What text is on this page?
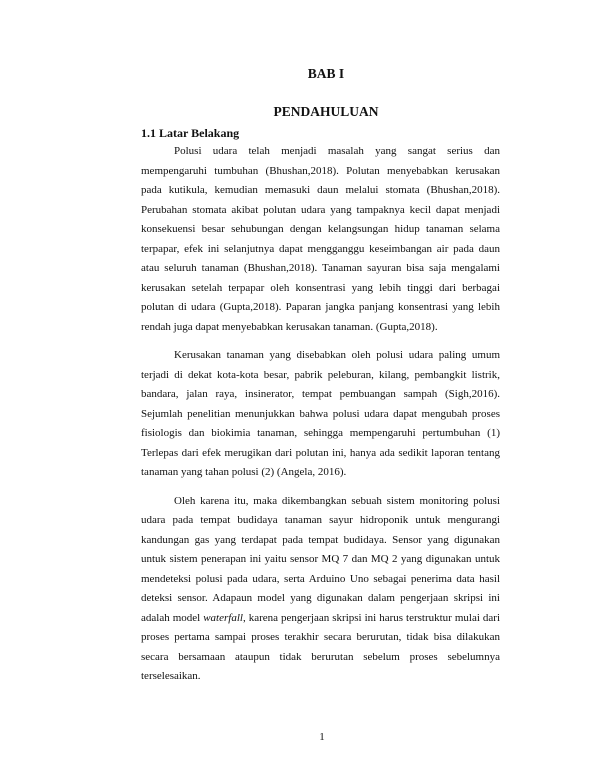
BAB I
PENDAHULUAN
1.1 Latar Belakang

Polusi udara telah menjadi masalah yang sangat serius dan mempengaruhi tumbuhan (Bhushan,2018). Polutan menyebabkan kerusakan pada kutikula, kemudian memasuki daun melalui stomata (Bhushan,2018). Perubahan stomata akibat polutan udara yang tampaknya kecil dapat menjadi konsekuensi besar sehubungan dengan kelangsungan hidup tanaman selama terpapar, efek ini selanjutnya dapat mengganggu keseimbangan air pada daun atau seluruh tanaman (Bhushan,2018). Tanaman sayuran bisa saja mengalami kerusakan setelah terpapar oleh konsentrasi yang lebih tinggi dari berbagai polutan di udara (Gupta,2018). Paparan jangka panjang konsentrasi yang lebih rendah juga dapat menyebabkan kerusakan tanaman. (Gupta,2018).

Kerusakan tanaman yang disebabkan oleh polusi udara paling umum terjadi di dekat kota-kota besar, pabrik peleburan, kilang, pembangkit listrik, bandara, jalan raya, insinerator, tempat pembuangan sampah (Sigh,2016). Sejumlah penelitian menunjukkan bahwa polusi udara dapat mengubah proses fisiologis dan biokimia tanaman, sehingga mempengaruhi pertumbuhan (1) Terlepas dari efek merugikan dari polutan ini, hanya ada sedikit laporan tentang tanaman yang tahan polusi (2) (Angela, 2016).

Oleh karena itu, maka dikembangkan sebuah sistem monitoring polusi udara pada tempat budidaya tanaman sayur hidroponik untuk mengurangi kandungan gas yang terdapat pada tempat budidaya. Sensor yang digunakan untuk sistem penerapan ini yaitu sensor MQ 7 dan MQ 2 yang digunakan untuk mendeteksi polusi pada udara, serta Arduino Uno sebagai penerima data hasil deteksi sensor. Adapaun model yang digunakan dalam pengerjaan skripsi ini adalah model waterfall, karena pengerjaan skripsi ini harus terstruktur mulai dari proses pertama sampai proses terakhir secara berurutan, tidak bisa dilakukan secara bersamaan ataupun tidak berurutan sebelum proses sebelumnya terselesaikan.

1
